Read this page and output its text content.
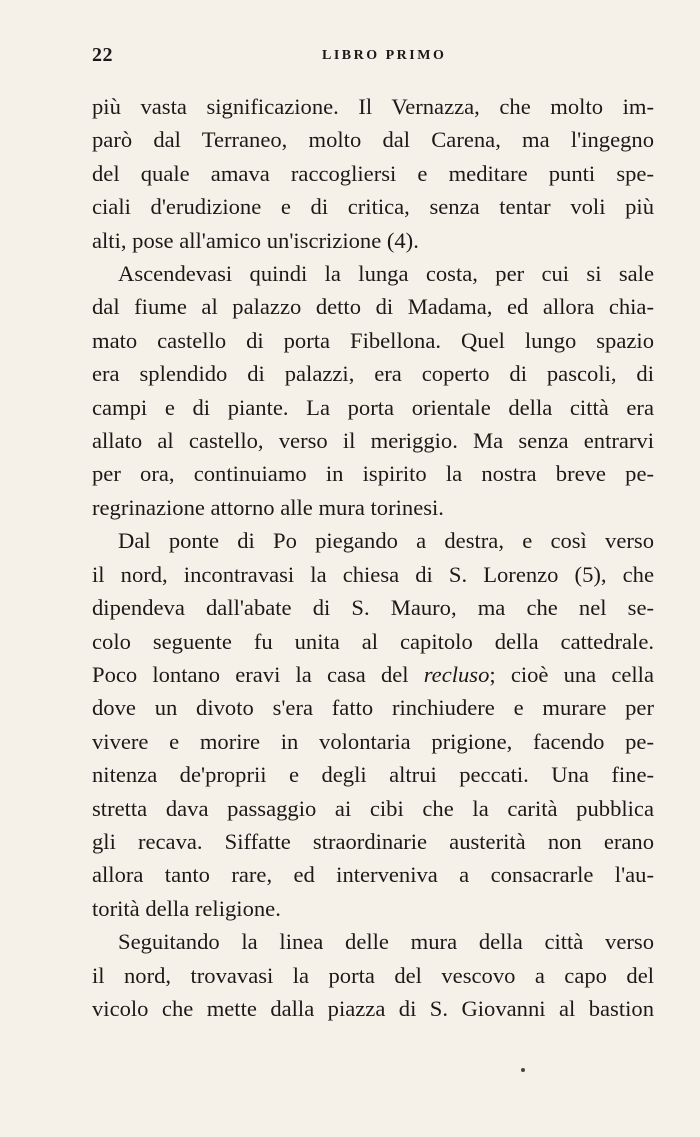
22	LIBRO PRIMO
più vasta significazione. Il Vernazza, che molto im-
parò dal Terraneo, molto dal Carena, ma l'ingegno
del quale amava raccogliersi e meditare punti spe-
ciali d'erudizione e di critica, senza tentar voli più
alti, pose all'amico un'iscrizione (4).
Ascendevasi quindi la lunga costa, per cui si sale
dal fiume al palazzo detto di Madama, ed allora chia-
mato castello di porta Fibellona. Quel lungo spazio
era splendido di palazzi, era coperto di pascoli, di
campi e di piante. La porta orientale della città era
allato al castello, verso il meriggio. Ma senza entrarvi
per ora, continuiamo in ispirito la nostra breve pe-
regrinazione attorno alle mura torinesi.
Dal ponte di Po piegando a destra, e così verso
il nord, incontravasi la chiesa di S. Lorenzo (5), che
dipendeva dall'abate di S. Mauro, ma che nel se-
colo seguente fu unita al capitolo della cattedrale.
Poco lontano eravi la casa del recluso; cioè una cella
dove un divoto s'era fatto rinchiudere e murare per
vivere e morire in volontaria prigione, facendo pe-
nitenza de'proprii e degli altrui peccati. Una fine-
stretta dava passaggio ai cibi che la carità pubblica
gli recava. Siffatte straordinarie austerità non erano
allora tanto rare, ed interveniva a consacrarle l'au-
torità della religione.
Seguitando la linea delle mura della città verso
il nord, trovavasi la porta del vescovo a capo del
vicolo che mette dalla piazza di S. Giovanni al bastion
